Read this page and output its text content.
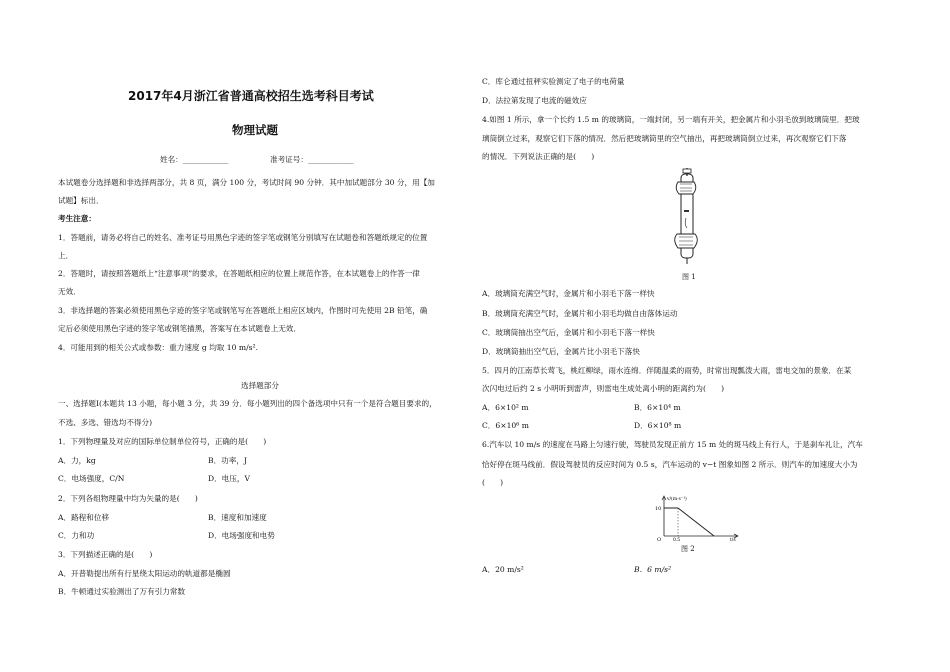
2017年4月浙江省普通高校招生选考科目考试
物理试题
姓名：____________	准考证号：____________
本试题卷分选择题和非选择两部分，共 8 页，满分 100 分，考试时间 90 分钟．其中加试题部分 30 分，用【加
试题】标出．
考生注意：
1．答题前，请务必将自己的姓名、准考证号用黑色字迹的签字笔或钢笔分别填写在试题卷和答题纸规定的位置
上．
2．答题时，请按照答题纸上“注意事项”的要求，在答题纸相应的位置上规范作答，在本试题卷上的作答一律
无效．
3．非选择题的答案必须使用黑色字迹的签字笔或钢笔写在答题纸上相应区域内，作图时可先使用 2B 铅笔，确
定后必须使用黑色字迹的签字笔或钢笔描黑，答案写在本试题卷上无效．
4．可能用到的相关公式或参数：重力速度 g 均取 10 m/s².
选择题部分
一、选择题Ⅰ(本题共 13 小题，每小题 3 分，共 39 分．每小题列出的四个备选项中只有一个是符合题目要求的，
不选、多选、错选均不得分)
1．下列物理量及对应的国际单位制单位符号，正确的是(　　)
A．力，kg	B．功率，J
C．电场强度，C/N	D．电压，V
2．下列各组物理量中均为矢量的是(　　)
A．路程和位移	B．速度和加速度
C．力和功	D．电场强度和电势
3．下列描述正确的是(　　)
A．开普勒提出所有行星绕太阳运动的轨道都是椭圆
B．牛顿通过实验测出了万有引力常数
C．库仑通过扭秤实验测定了电子的电荷量
D．法拉第发现了电流的磁效应
4.如图 1 所示，拿一个长约 1.5 m 的玻璃筒，一端封闭，另一端有开关，把金属片和小羽毛放到玻璃筒里．把玻
璃筒倒立过来，观察它们下落的情况．然后把玻璃筒里的空气抽出，再把玻璃筒倒立过来，再次观察它们下落
的情况．下列说法正确的是(　　)
图 1
A．玻璃筒充满空气时，金属片和小羽毛下落一样快
B．玻璃筒充满空气时，金属片和小羽毛均做自由落体运动
C．玻璃筒抽出空气后，金属片和小羽毛下落一样快
D．玻璃筒抽出空气后，金属片比小羽毛下落快
5．四月的江南草长莺飞，桃红柳绿，雨水连绵．伴随温柔的雨势，时常出现瓢泼大雨，雷电交加的景象．在某
次闪电过后约 2 s 小明听到雷声，则雷电生成处离小明的距离约为(　　)
A．6×10² m	B．6×10⁴ m
C．6×10⁶ m	D．6×10⁸ m
6.汽车以 10 m/s 的速度在马路上匀速行驶，驾驶员发现正前方 15 m 处的斑马线上有行人，于是刹车礼让，汽车
恰好停在斑马线前．假设驾驶员的反应时间为 0.5 s，汽车运动的 v−t 图象如图 2 所示．则汽车的加速度大小为
(　　)
v/(m·s⁻¹)
10
O	0.5	t/s
图 2
A．20 m/s²	B．6 m/s²
